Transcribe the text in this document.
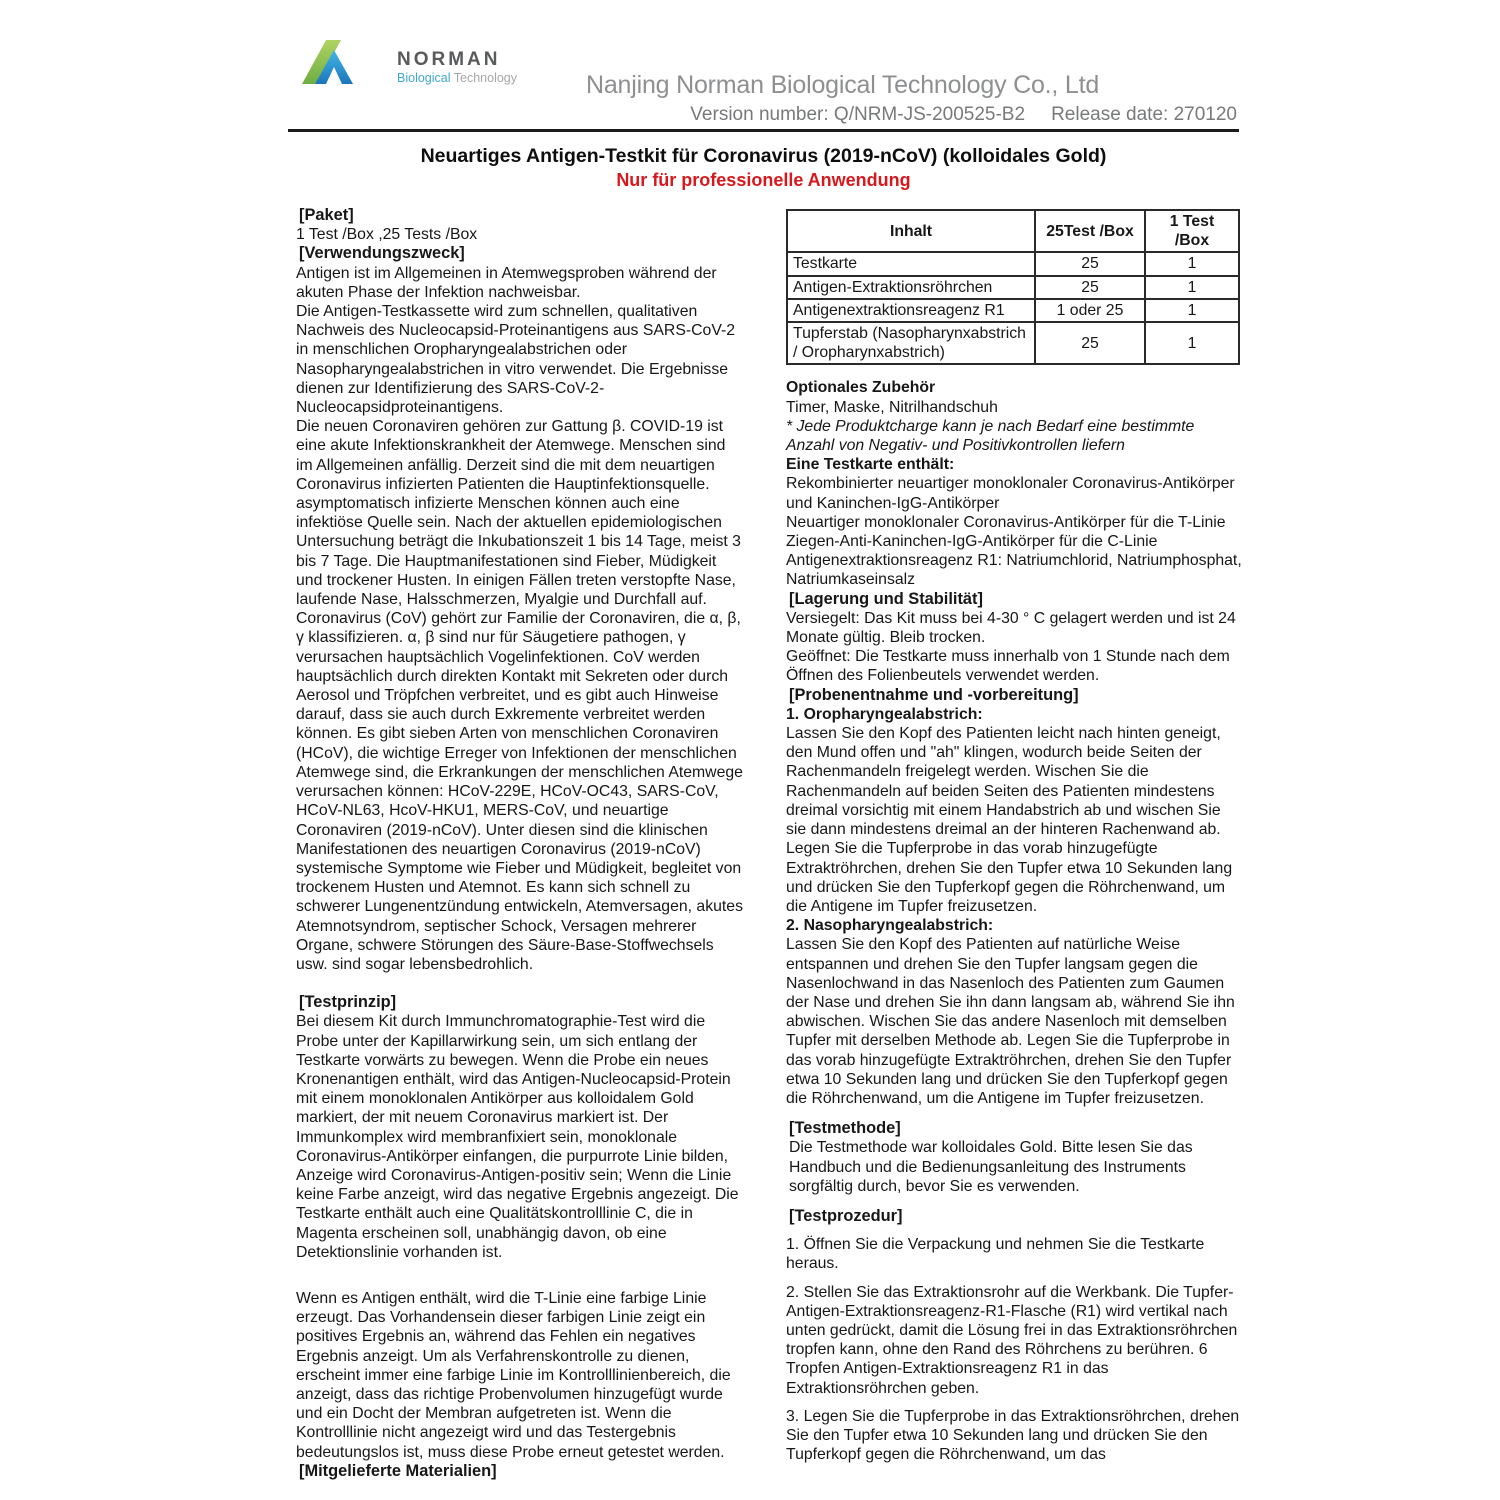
NORMAN
Biological Technology	Nanjing Norman Biological Technology Co., Ltd
Version number: Q/NRM-JS-200525-B2 Release date: 270120
Neuartiges Antigen-Testkit für Coronavirus (2019-nCoV) (kolloidales Gold)
Nur für professionelle Anwendung

[Paket]

1 Test /Box ,25 Tests /Box

[Verwendungszweck]

Antigen ist im Allgemeinen in Atemwegsproben während der akuten Phase der Infektion nachweisbar.

Die Antigen-Testkassette wird zum schnellen, qualitativen Nachweis des Nucleocapsid-Proteinantigens aus SARS-CoV-2 in menschlichen Oropharyngealabstrichen oder Nasopharyngealabstrichen in vitro verwendet. Die Ergebnisse dienen zur Identifizierung des SARS-CoV-2-Nucleocapsidproteinantigens.

Die neuen Coronaviren gehören zur Gattung β. COVID-19 ist eine akute Infektionskrankheit der Atemwege. Menschen sind im Allgemeinen anfällig. Derzeit sind die mit dem neuartigen Coronavirus infizierten Patienten die Hauptinfektionsquelle. asymptomatisch infizierte Menschen können auch eine infektiöse Quelle sein. Nach der aktuellen epidemiologischen Untersuchung beträgt die Inkubationszeit 1 bis 14 Tage, meist 3 bis 7 Tage. Die Hauptmanifestationen sind Fieber, Müdigkeit und trockener Husten. In einigen Fällen treten verstopfte Nase, laufende Nase, Halsschmerzen, Myalgie und Durchfall auf.

Coronavirus (CoV) gehört zur Familie der Coronaviren, die α, β, γ klassifizieren. α, β sind nur für Säugetiere pathogen, γ verursachen hauptsächlich Vogelinfektionen. CoV werden hauptsächlich durch direkten Kontakt mit Sekreten oder durch Aerosol und Tröpfchen verbreitet, und es gibt auch Hinweise darauf, dass sie auch durch Exkremente verbreitet werden können. Es gibt sieben Arten von menschlichen Coronaviren (HCoV), die wichtige Erreger von Infektionen der menschlichen Atemwege sind, die Erkrankungen der menschlichen Atemwege verursachen können: HCoV-229E, HCoV-OC43, SARS-CoV, HCoV-NL63, HcoV-HKU1, MERS-CoV, und neuartige Coronaviren (2019-nCoV). Unter diesen sind die klinischen Manifestationen des neuartigen Coronavirus (2019-nCoV) systemische Symptome wie Fieber und Müdigkeit, begleitet von trockenem Husten und Atemnot. Es kann sich schnell zu schwerer Lungenentzündung entwickeln, Atemversagen, akutes Atemnotsyndrom, septischer Schock, Versagen mehrerer Organe, schwere Störungen des Säure-Base-Stoffwechsels usw. sind sogar lebensbedrohlich.

[Testprinzip]

Bei diesem Kit durch Immunchromatographie-Test wird die Probe unter der Kapillarwirkung sein, um sich entlang der Testkarte vorwärts zu bewegen. Wenn die Probe ein neues Kronenantigen enthält, wird das Antigen-Nucleocapsid-Protein mit einem monoklonalen Antikörper aus kolloidalem Gold markiert, der mit neuem Coronavirus markiert ist. Der Immunkomplex wird membranfixiert sein, monoklonale Coronavirus-Antikörper einfangen, die purpurrote Linie bilden, Anzeige wird Coronavirus-Antigen-positiv sein; Wenn die Linie keine Farbe anzeigt, wird das negative Ergebnis angezeigt. Die Testkarte enthält auch eine Qualitätskontrolllinie C, die in Magenta erscheinen soll, unabhängig davon, ob eine Detektionslinie vorhanden ist.

Wenn es Antigen enthält, wird die T-Linie eine farbige Linie erzeugt. Das Vorhandensein dieser farbigen Linie zeigt ein positives Ergebnis an, während das Fehlen ein negatives Ergebnis anzeigt. Um als Verfahrenskontrolle zu dienen, erscheint immer eine farbige Linie im Kontrolllinienbereich, die anzeigt, dass das richtige Probenvolumen hinzugefügt wurde und ein Docht der Membran aufgetreten ist. Wenn die Kontrolllinie nicht angezeigt wird und das Testergebnis bedeutungslos ist, muss diese Probe erneut getestet werden.

[Mitgelieferte Materialien]

Inhalt	25Test /Box	1 Test /Box
Testkarte	25	1
Antigen-Extraktionsröhrchen	25	1
Antigenextraktionsreagenz R1	1 oder 25	1
Tupferstab (Nasopharynxabstrich / Oropharynxabstrich)	25	1

Optionales Zubehör

Timer, Maske, Nitrilhandschuh

* Jede Produktcharge kann je nach Bedarf eine bestimmte Anzahl von Negativ- und Positivkontrollen liefern

Eine Testkarte enthält:

Rekombinierter neuartiger monoklonaler Coronavirus-Antikörper und Kaninchen-IgG-Antikörper

Neuartiger monoklonaler Coronavirus-Antikörper für die T-Linie

Ziegen-Anti-Kaninchen-IgG-Antikörper für die C-Linie

Antigenextraktionsreagenz R1: Natriumchlorid, Natriumphosphat, Natriumkaseinsalz

[Lagerung und Stabilität]

Versiegelt: Das Kit muss bei 4-30 ° C gelagert werden und ist 24 Monate gültig. Bleib trocken.

Geöffnet: Die Testkarte muss innerhalb von 1 Stunde nach dem Öffnen des Folienbeutels verwendet werden.

[Probenentnahme und -vorbereitung]

1. Oropharyngealabstrich:

Lassen Sie den Kopf des Patienten leicht nach hinten geneigt, den Mund offen und "ah" klingen, wodurch beide Seiten der Rachenmandeln freigelegt werden. Wischen Sie die Rachenmandeln auf beiden Seiten des Patienten mindestens dreimal vorsichtig mit einem Handabstrich ab und wischen Sie sie dann mindestens dreimal an der hinteren Rachenwand ab. Legen Sie die Tupferprobe in das vorab hinzugefügte Extraktröhrchen, drehen Sie den Tupfer etwa 10 Sekunden lang und drücken Sie den Tupferkopf gegen die Röhrchenwand, um die Antigene im Tupfer freizusetzen.

2. Nasopharyngealabstrich:

Lassen Sie den Kopf des Patienten auf natürliche Weise entspannen und drehen Sie den Tupfer langsam gegen die Nasenlochwand in das Nasenloch des Patienten zum Gaumen der Nase und drehen Sie ihn dann langsam ab, während Sie ihn abwischen. Wischen Sie das andere Nasenloch mit demselben Tupfer mit derselben Methode ab. Legen Sie die Tupferprobe in das vorab hinzugefügte Extraktröhrchen, drehen Sie den Tupfer etwa 10 Sekunden lang und drücken Sie den Tupferkopf gegen die Röhrchenwand, um die Antigene im Tupfer freizusetzen.

[Testmethode]

Die Testmethode war kolloidales Gold. Bitte lesen Sie das Handbuch und die Bedienungsanleitung des Instruments sorgfältig durch, bevor Sie es verwenden.

[Testprozedur]

1. Öffnen Sie die Verpackung und nehmen Sie die Testkarte heraus.

2. Stellen Sie das Extraktionsrohr auf die Werkbank. Die Tupfer-Antigen-Extraktionsreagenz-R1-Flasche (R1) wird vertikal nach unten gedrückt, damit die Lösung frei in das Extraktionsröhrchen tropfen kann, ohne den Rand des Röhrchens zu berühren. 6 Tropfen Antigen-Extraktionsreagenz R1 in das Extraktionsröhrchen geben.

3. Legen Sie die Tupferprobe in das Extraktionsröhrchen, drehen Sie den Tupfer etwa 10 Sekunden lang und drücken Sie den Tupferkopf gegen die Röhrchenwand, um das
